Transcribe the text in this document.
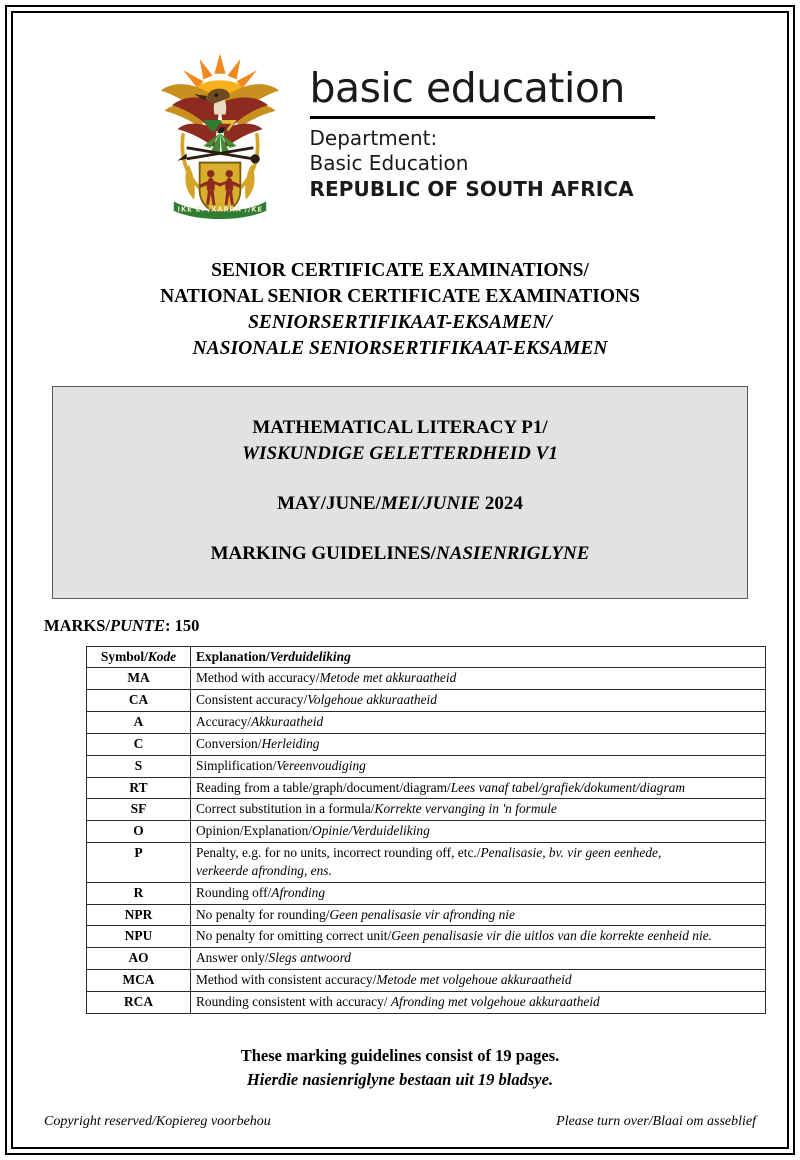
!KE E: /XARRA //KE
basic education
Department:
Basic Education
REPUBLIC OF SOUTH AFRICA
SENIOR CERTIFICATE EXAMINATIONS/
NATIONAL SENIOR CERTIFICATE EXAMINATIONS
SENIORSERTIFIKAAT-EKSAMEN/
NASIONALE SENIORSERTIFIKAAT-EKSAMEN
MATHEMATICAL LITERACY P1/
WISKUNDIGE GELETTERDHEID V1
MAY/JUNE/MEI/JUNIE 2024
MARKING GUIDELINES/NASIENRIGLYNE
MARKS/PUNTE: 150
Symbol/Kode	Explanation/Verduideliking
MA	Method with accuracy/Metode met akkuraatheid
CA	Consistent accuracy/Volgehoue akkuraatheid
A	Accuracy/Akkuraatheid
C	Conversion/Herleiding
S	Simplification/Vereenvoudiging
RT	Reading from a table/graph/document/diagram/Lees vanaf tabel/grafiek/dokument/diagram
SF	Correct substitution in a formula/Korrekte vervanging in 'n formule
O	Opinion/Explanation/Opinie/Verduideliking
P	Penalty, e.g. for no units, incorrect rounding off, etc./Penalisasie, bv. vir geen eenhede,
verkeerde afronding, ens.
R	Rounding off/Afronding
NPR	No penalty for rounding/Geen penalisasie vir afronding nie
NPU	No penalty for omitting correct unit/Geen penalisasie vir die uitlos van die korrekte eenheid nie.
AO	Answer only/Slegs antwoord
MCA	Method with consistent accuracy/Metode met volgehoue akkuraatheid
RCA	Rounding consistent with accuracy/ Afronding met volgehoue akkuraatheid
These marking guidelines consist of 19 pages.
Hierdie nasienriglyne bestaan uit 19 bladsye.
Copyright reserved/Kopiereg voorbehou	Please turn over/Blaai om asseblief
